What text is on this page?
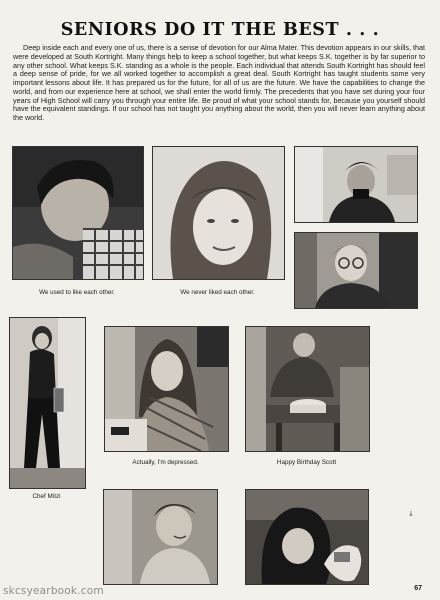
SENIORS DO IT THE BEST . . .
Deep inside each and every one of us, there is a sense of devotion for our Alma Mater. This devotion appears in our skills, that were developed at South Kortright. Many things help to keep a school together, but what keeps S.K. together is by far superior to any other school. What keeps S.K. standing as a whole is the people. Each individual that attends South Kortright has should feel a deep sense of pride, for we all worked together to accomplish a great deal. South Kortright has taught students some very important lessons about life. It has prepared us for the future, for all of us are the future. We have the capabilities to change the world, and from our experience here at school, we shall enter the world firmly. The precedents that you have set during your four years of High School will carry you through your entire life. Be proud of what your school stands for, because you yourself should have the equivalent standings. If our school has not taught you anything about the world, then you will never learn anything about the world.
We used to like each other.	We never liked each other.
Chef Mitzi
Actually, I'm depressed.	Happy Birthday Scott
↓
67
skcsyearbook.com
